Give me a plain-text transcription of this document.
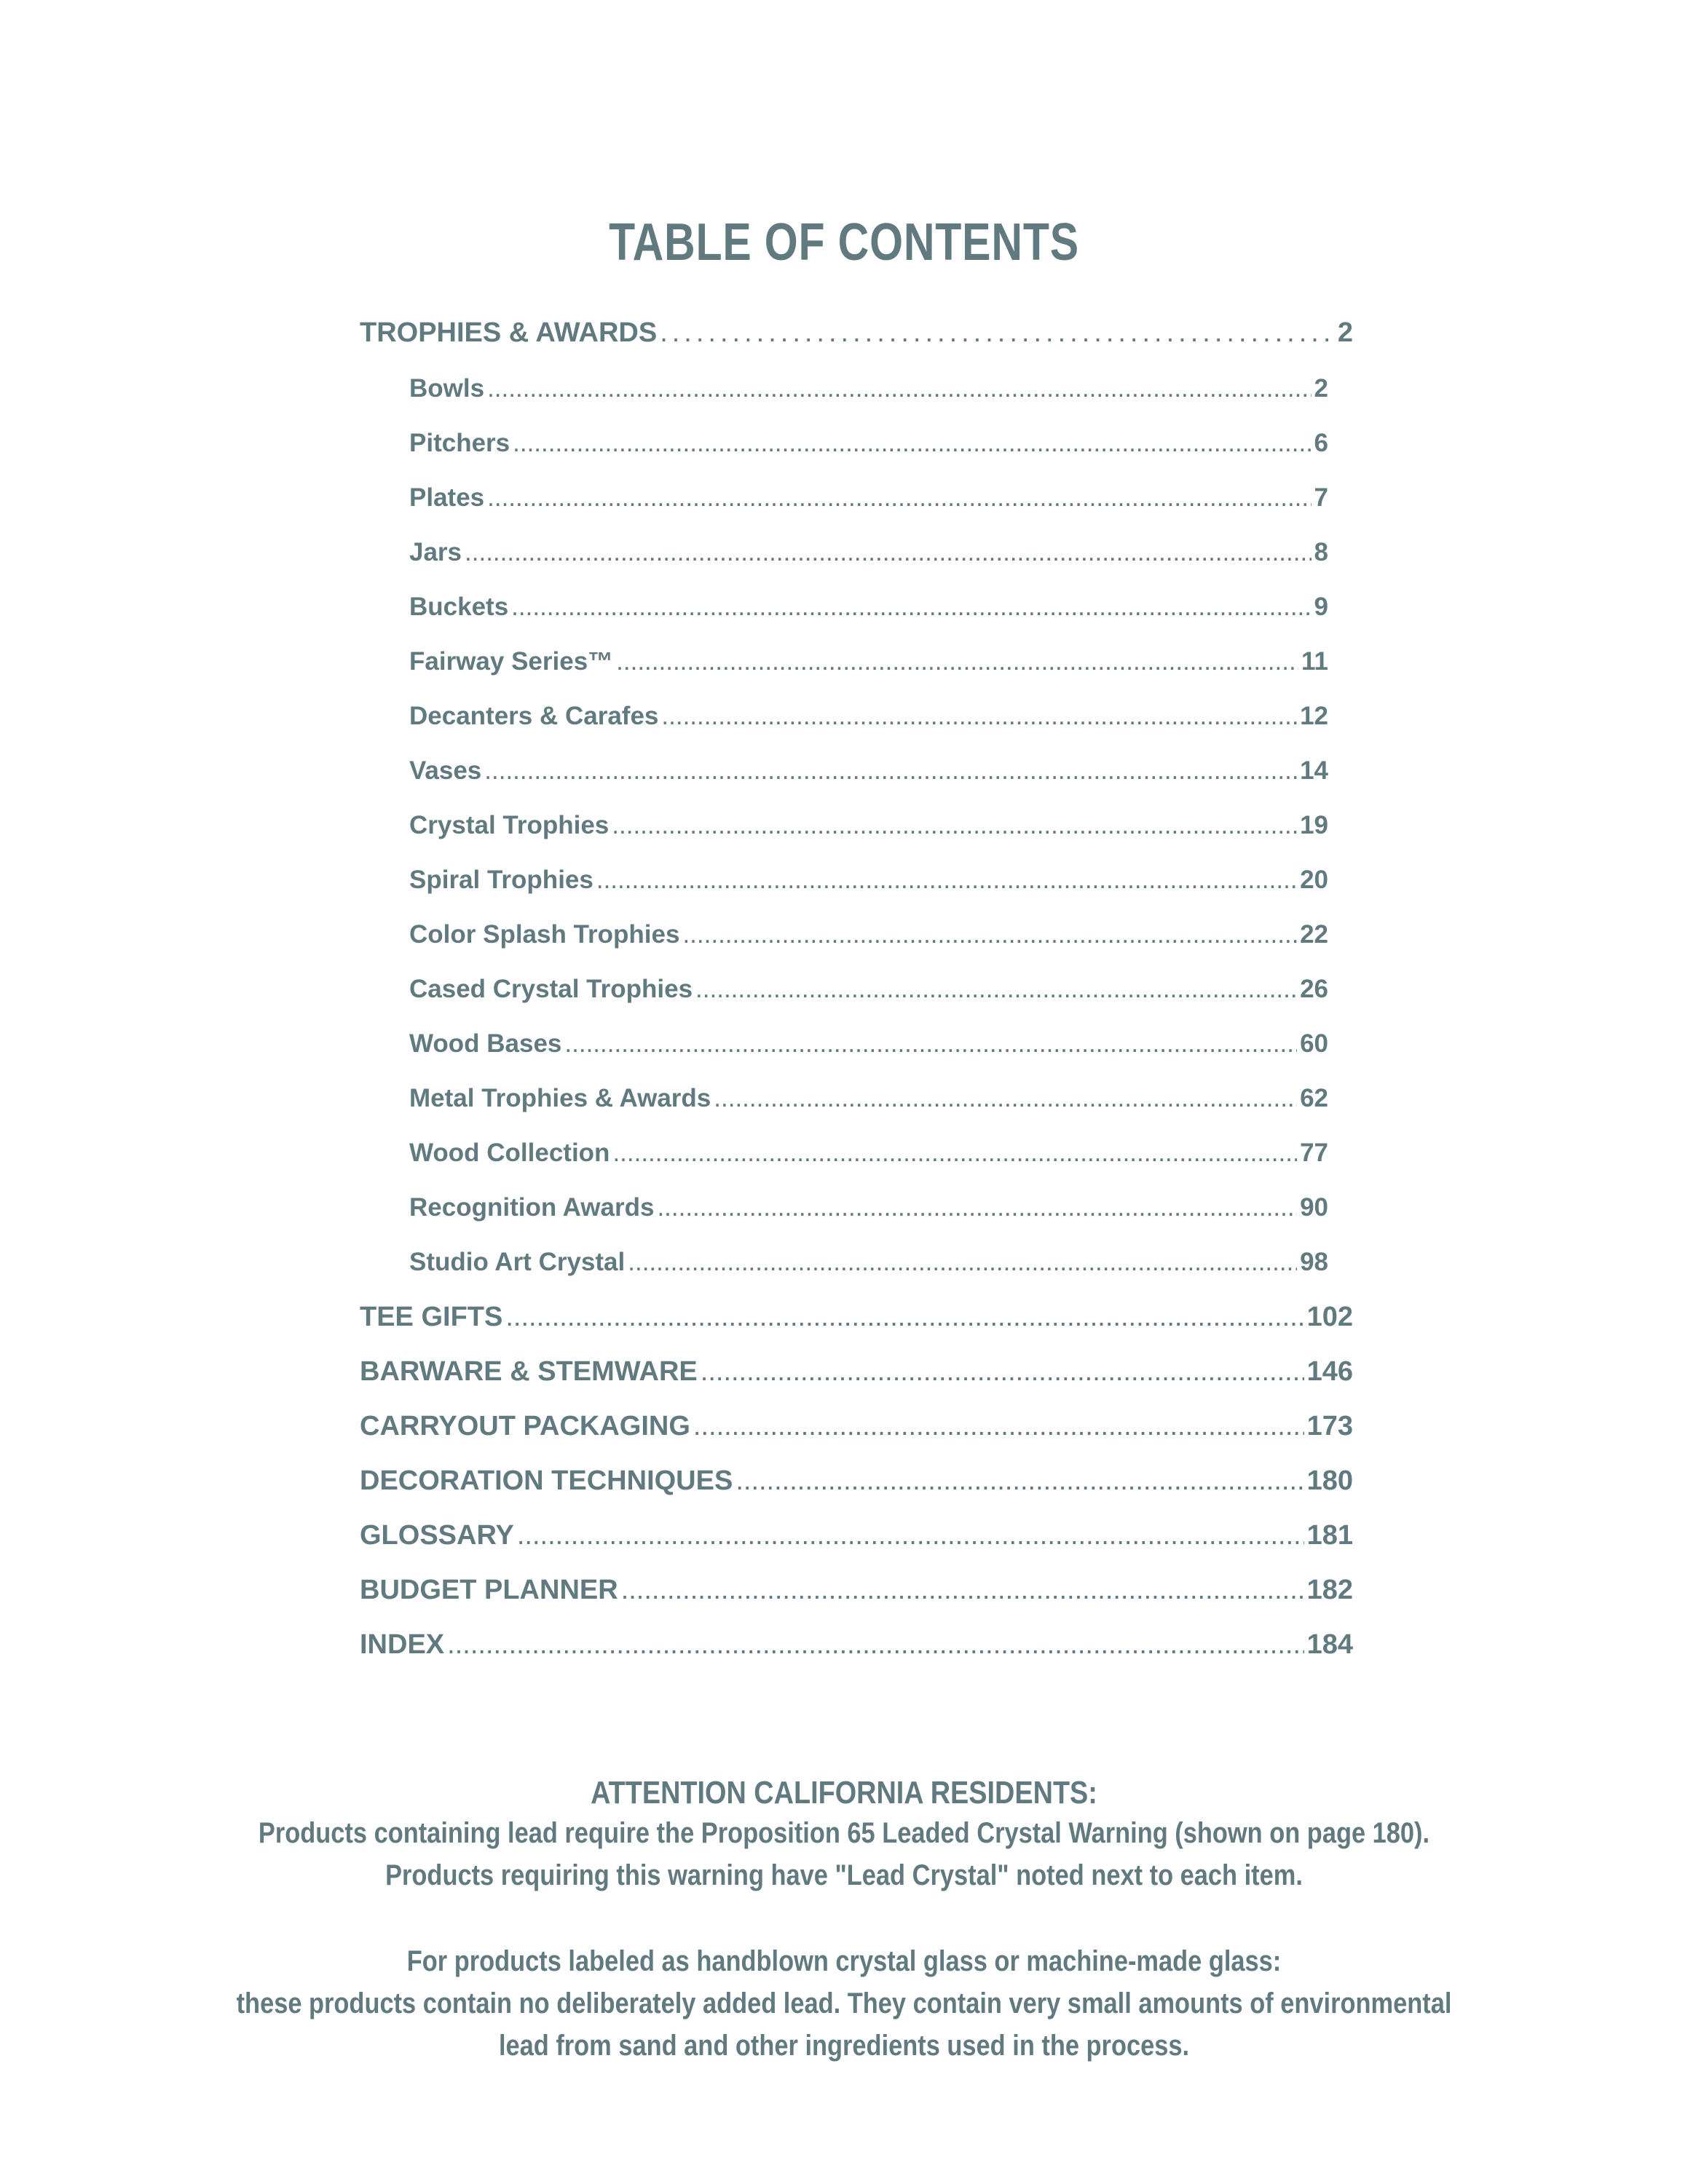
TABLE OF CONTENTS
TROPHIES & AWARDS .....	2
Bowls .....	2
Pitchers .....	6
Plates .....	7
Jars .....	8
Buckets .....	9
Fairway Series™ .....	11
Decanters & Carafes .....	12
Vases .....	14
Crystal Trophies .....	19
Spiral Trophies .....	20
Color Splash Trophies .....	22
Cased Crystal Trophies .....	26
Wood Bases .....	60
Metal Trophies & Awards .....	62
Wood Collection .....	77
Recognition Awards .....	90
Studio Art Crystal .....	98
TEE GIFTS .....	102
BARWARE & STEMWARE .....	146
CARRYOUT PACKAGING .....	173
DECORATION TECHNIQUES .....	180
GLOSSARY .....	181
BUDGET PLANNER .....	182
INDEX .....	184
ATTENTION CALIFORNIA RESIDENTS:
Products containing lead require the Proposition 65 Leaded Crystal Warning (shown on page 180).
Products requiring this warning have "Lead Crystal" noted next to each item.
For products labeled as handblown crystal glass or machine-made glass:
these products contain no deliberately added lead. They contain very small amounts of environmental
lead from sand and other ingredients used in the process.
